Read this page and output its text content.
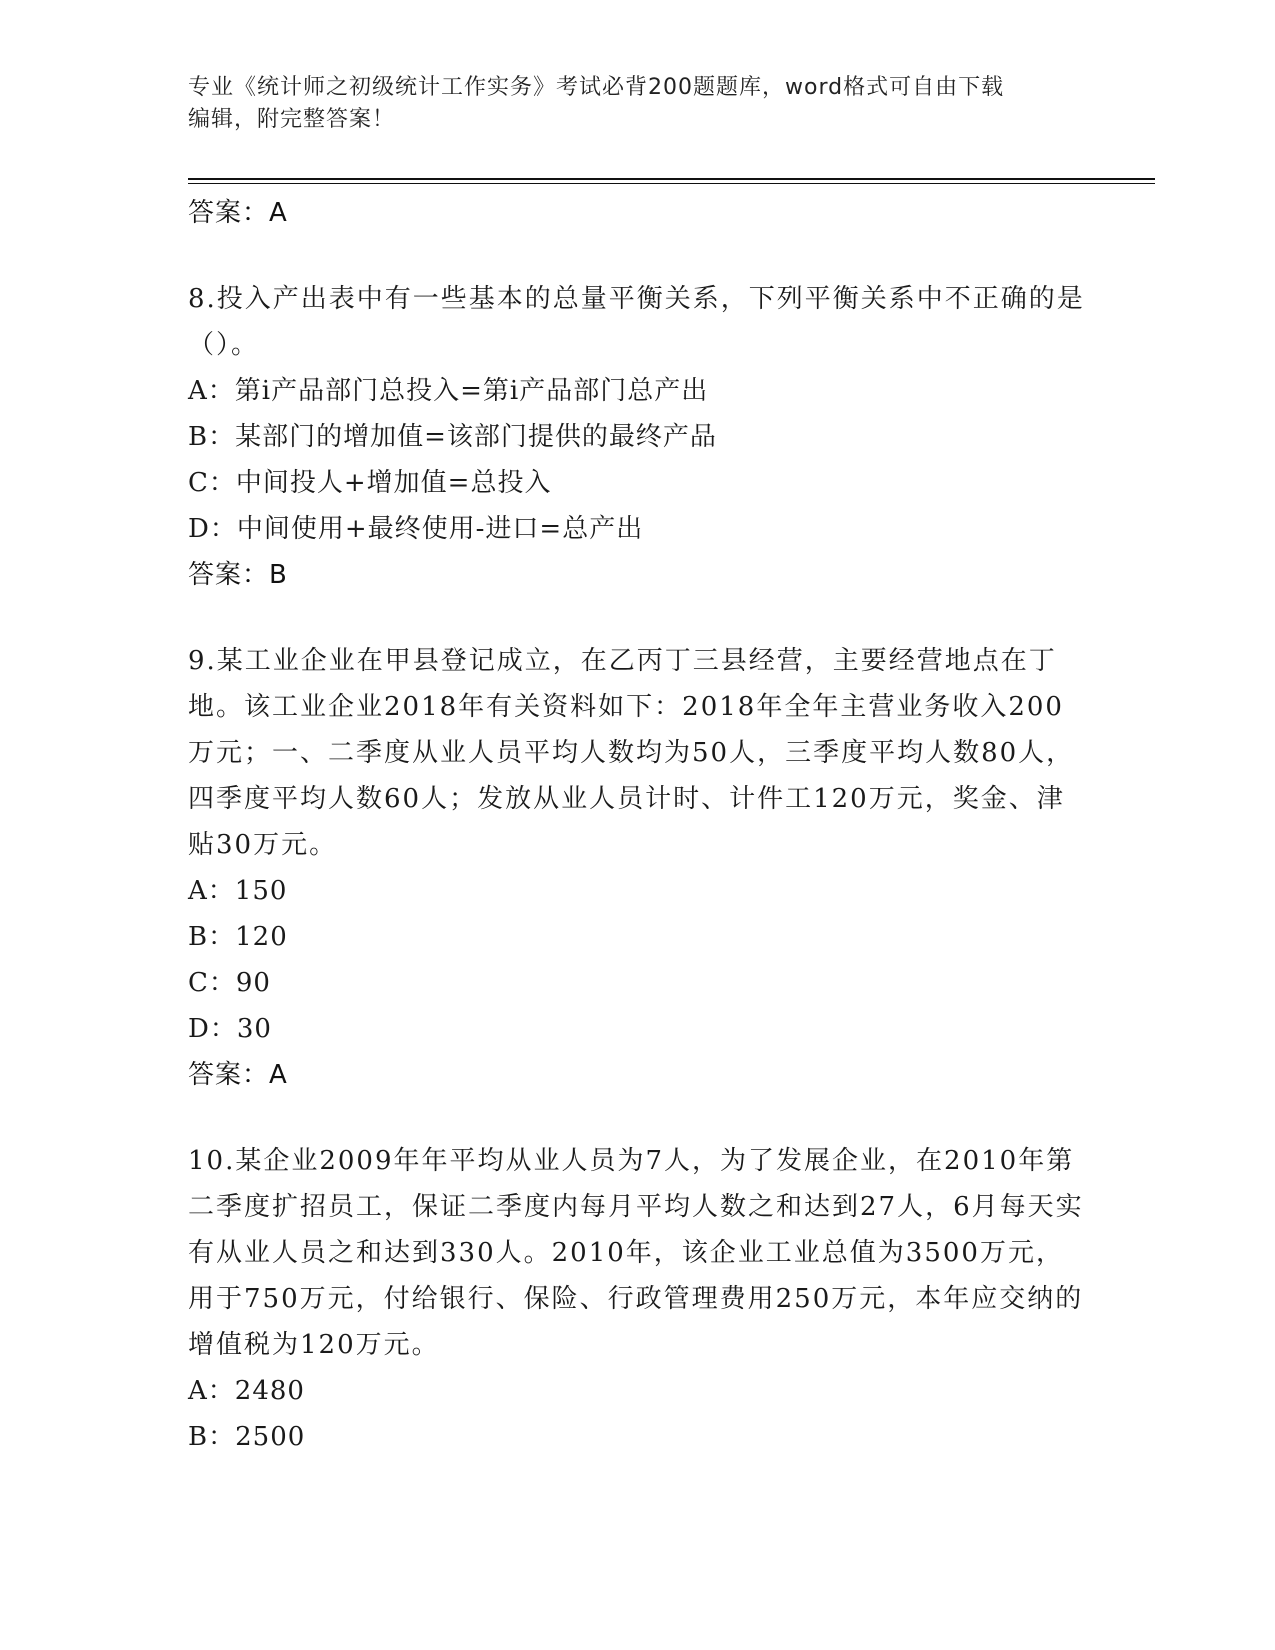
专业《统计师之初级统计工作实务》考试必背200题题库，word格式可自由下载
编辑，附完整答案！
答案：A

8.投入产出表中有一些基本的总量平衡关系，下列平衡关系中不正确的是（）。

A：第i产品部门总投入=第i产品部门总产出

B：某部门的增加值=该部门提供的最终产品

C：中间投人+增加值=总投入

D：中间使用+最终使用-进口=总产出

答案：B

9.某工业企业在甲县登记成立，在乙丙丁三县经营，主要经营地点在丁地。该工业企业2018年有关资料如下：2018年全年主营业务收入200万元；一、二季度从业人员平均人数均为50人，三季度平均人数80人，四季度平均人数60人；发放从业人员计时、计件工120万元，奖金、津贴30万元。

A：150

B：120

C：90

D：30

答案：A

10.某企业2009年年平均从业人员为7人，为了发展企业，在2010年第二季度扩招员工，保证二季度内每月平均人数之和达到27人，6月每天实有从业人员之和达到330人。2010年，该企业工业总值为3500万元，用于750万元，付给银行、保险、行政管理费用250万元，本年应交纳的增值税为120万元。

A：2480

B：2500
